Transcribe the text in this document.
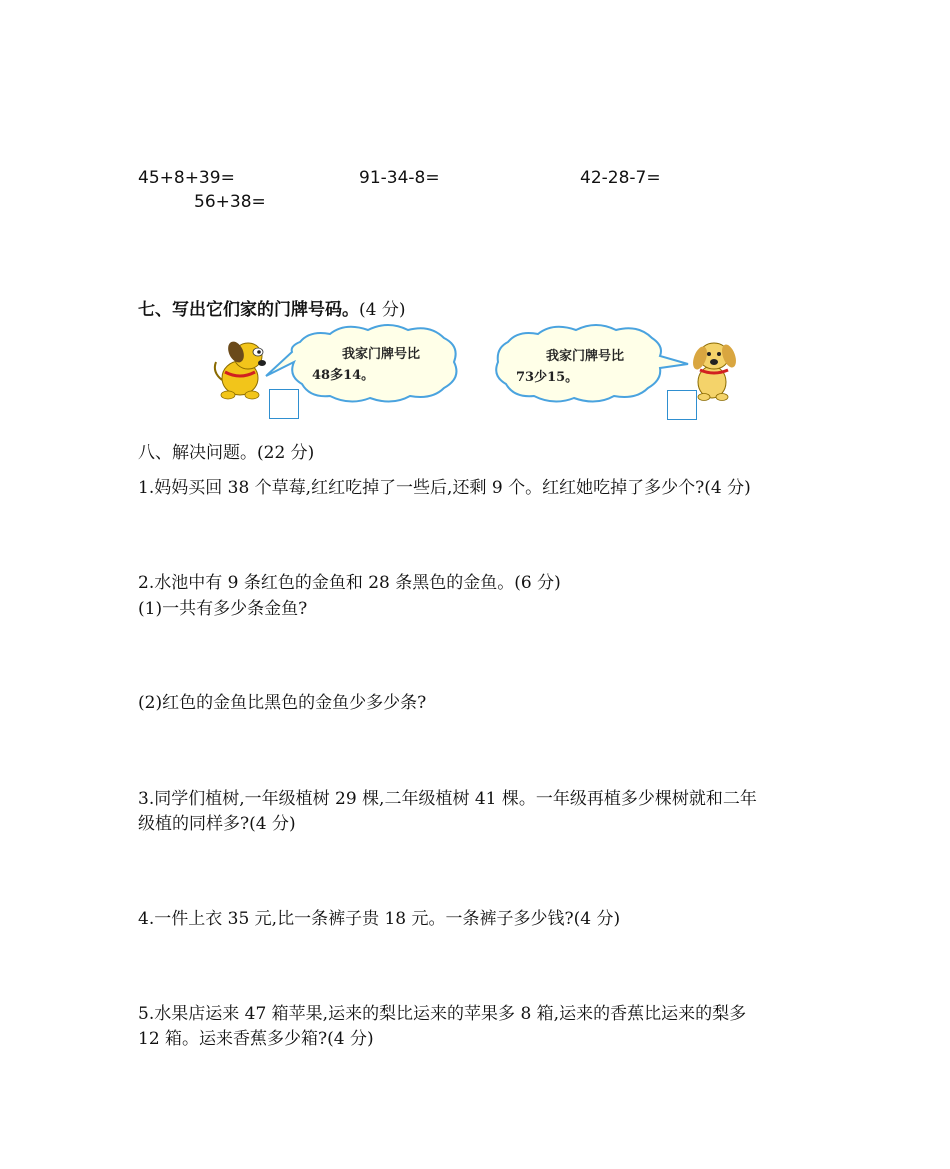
45+8+39=	91-34-8=	42-28-7=
56+38=
七、写出它们家的门牌号码。(4 分)
我家门牌号比
48多14。
我家门牌号比
73少15。
八、解决问题。(22 分)
1.妈妈买回 38 个草莓,红红吃掉了一些后,还剩 9 个。红红她吃掉了多少个?(4 分)
2.水池中有 9 条红色的金鱼和 28 条黑色的金鱼。(6 分)
(1)一共有多少条金鱼?
(2)红色的金鱼比黑色的金鱼少多少条?
3.同学们植树,一年级植树 29 棵,二年级植树 41 棵。一年级再植多少棵树就和二年
级植的同样多?(4 分)
4.一件上衣 35 元,比一条裤子贵 18 元。一条裤子多少钱?(4 分)
5.水果店运来 47 箱苹果,运来的梨比运来的苹果多 8 箱,运来的香蕉比运来的梨多
12 箱。运来香蕉多少箱?(4 分)
